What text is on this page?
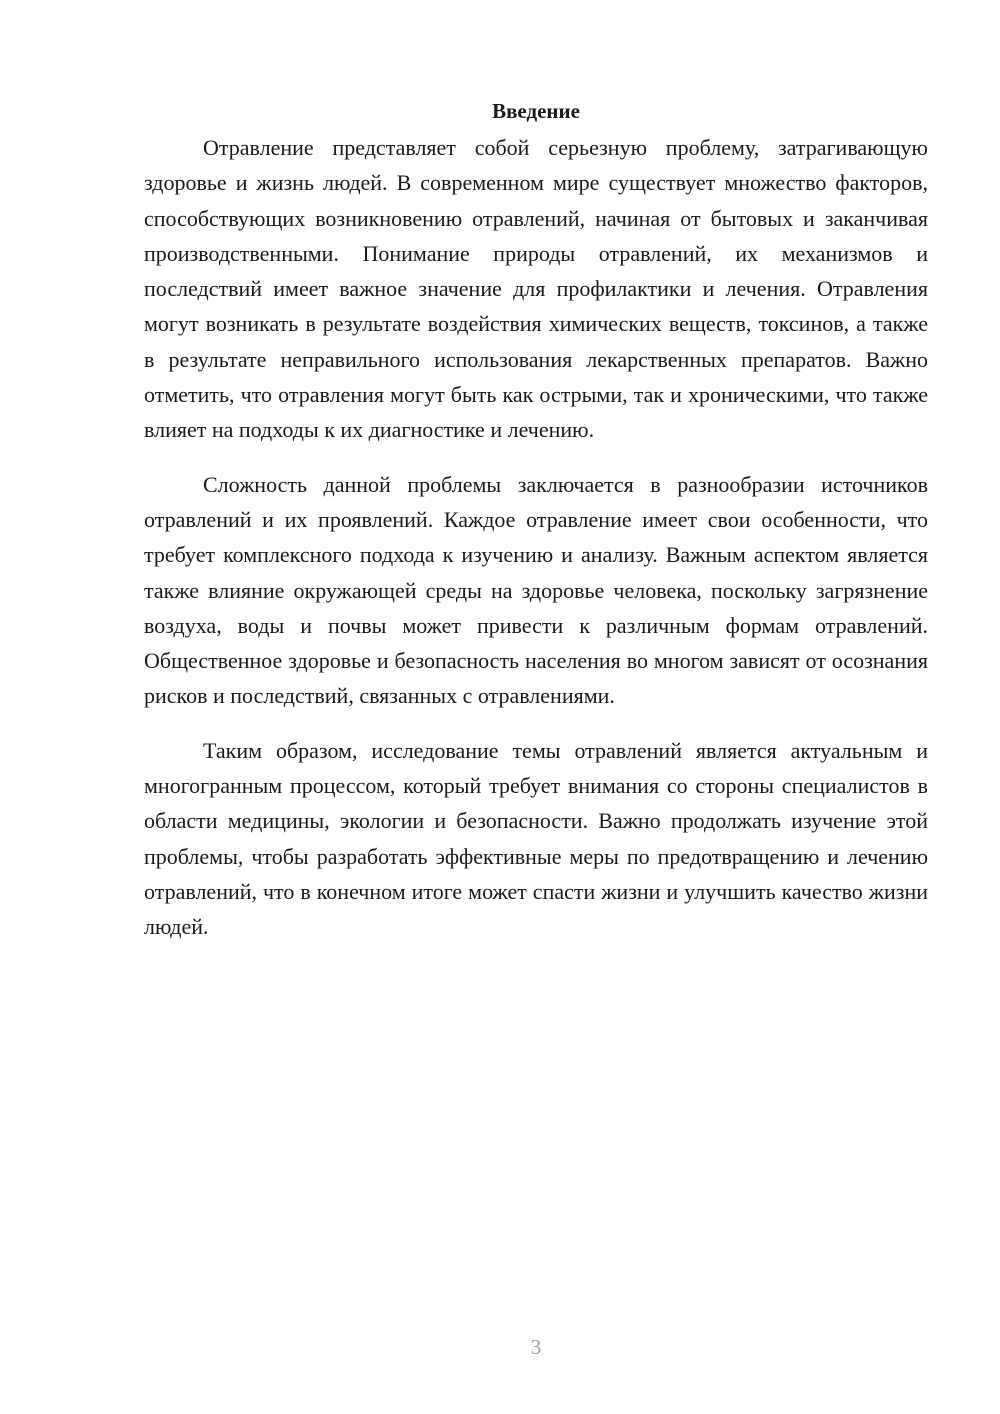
Введение

Отравление представляет собой серьезную проблему, затрагивающую здоровье и жизнь людей. В современном мире существует множество факторов, способствующих возникновению отравлений, начиная от бытовых и заканчивая производственными. Понимание природы отравлений, их механизмов и последствий имеет важное значение для профилактики и лечения. Отравления могут возникать в результате воздействия химических веществ, токсинов, а также в результате неправильного использования лекарственных препаратов. Важно отметить, что отравления могут быть как острыми, так и хроническими, что также влияет на подходы к их диагностике и лечению.

Сложность данной проблемы заключается в разнообразии источников отравлений и их проявлений. Каждое отравление имеет свои особенности, что требует комплексного подхода к изучению и анализу. Важным аспектом является также влияние окружающей среды на здоровье человека, поскольку загрязнение воздуха, воды и почвы может привести к различным формам отравлений. Общественное здоровье и безопасность населения во многом зависят от осознания рисков и последствий, связанных с отравлениями.

Таким образом, исследование темы отравлений является актуальным и многогранным процессом, который требует внимания со стороны специалистов в области медицины, экологии и безопасности. Важно продолжать изучение этой проблемы, чтобы разработать эффективные меры по предотвращению и лечению отравлений, что в конечном итоге может спасти жизни и улучшить качество жизни людей.

3
